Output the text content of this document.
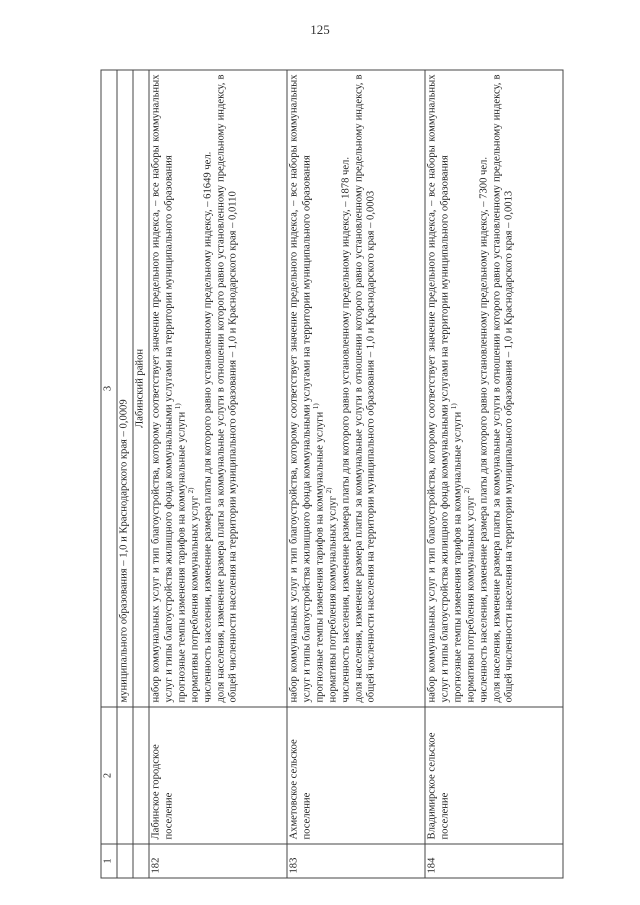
125
1	2	3
		муниципального образования – 1,0 и Краснодарского края – 0,0009
		Лабинский район
182	Лабинское городское поселение	набор коммунальных услуг и тип благоустройства, которому соответствует значение предельного индекса, – все наборы коммунальных услуг и типы благоустройства жилищного фонда коммунальными услугами на территории муниципального образования прогнозные темпы изменения тарифов на коммунальные услуги $^{1)}$

нормативы потребления коммунальных услуг $^{2)}$ численность населения, изменение размера платы для которого равно установленному предельному индексу, – 61649 чел. доля населения, изменение размера платы за коммунальные услуги в отношении которого равно установленному предельному индексу, в общей численности населения на территории муниципального образования – 1,0 и Краснодарского края – 0,0110

183	Ахметовское сельское поселение	набор коммунальных услуг и тип благоустройства, которому соответствует значение предельного индекса, – все наборы коммунальных услуг и типы благоустройства жилищного фонда коммунальными услугами на территории муниципального образования прогнозные темпы изменения тарифов на коммунальные услуги $^{1)}$

нормативы потребления коммунальных услуг $^{2)}$ численность населения, изменение размера платы для которого равно установленному предельному индексу, – 1878 чел. доля населения, изменение размера платы за коммунальные услуги в отношении которого равно установленному предельному индексу, в общей численности населения на территории муниципального образования – 1,0 и Краснодарского края – 0,0003

184	Владимирское сельское поселение	набор коммунальных услуг и тип благоустройства, которому соответствует значение предельного индекса, – все наборы коммунальных услуг и типы благоустройства жилищного фонда коммунальными услугами на территории муниципального образования прогнозные темпы изменения тарифов на коммунальные услуги $^{1)}$

нормативы потребления коммунальных услуг $^{2)}$ численность населения, изменение размера платы для которого равно установленному предельному индексу, – 7300 чел. доля населения, изменение размера платы за коммунальные услуги в отношении которого равно установленному предельному индексу, в общей численности населения на территории муниципального образования – 1,0 и Краснодарского края – 0,0013
